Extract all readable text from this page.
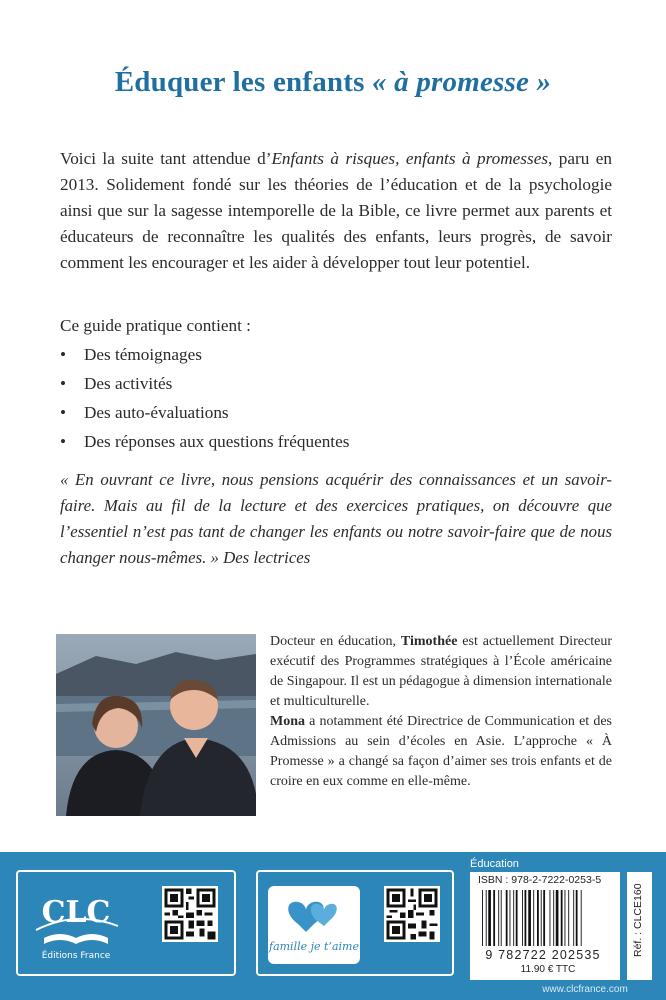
Éduquer les enfants « à promesse »

Voici la suite tant attendue d’Enfants à risques, enfants à promesses, paru en 2013. Solidement fondé sur les théories de l’éducation et de la psychologie ainsi que sur la sagesse intemporelle de la Bible, ce livre permet aux parents et éducateurs de reconnaître les qualités des enfants, leurs progrès, de savoir comment les encourager et les aider à développer tout leur potentiel.

Ce guide pratique contient :
•	Des témoignages
•	Des activités
•	Des auto-évaluations
•	Des réponses aux questions fréquentes

« En ouvrant ce livre, nous pensions acquérir des connaissances et un savoir-faire. Mais au fil de la lecture et des exercices pratiques, on découvre que l’essentiel n’est pas tant de changer les enfants ou notre savoir-faire que de nous changer nous-mêmes. » Des lectrices

Docteur en éducation, Timothée est actuellement Directeur exécutif des Programmes stratégiques à l’École américaine de Singapour. Il est un pédagogue à dimension internationale et multiculturelle.
Mona a notamment été Directrice de Communication et des Admissions au sein d’écoles en Asie. L’approche « À Promesse » a changé sa façon d’aimer ses trois enfants et de croire en eux comme en elle-même.

CLC
Éditions France
famille je t’aime
Éducation
ISBN : 978-2-7222-0253-5
9 782722 202535
11.90 € TTC
Réf. : CLCE160
www.clcfrance.com
